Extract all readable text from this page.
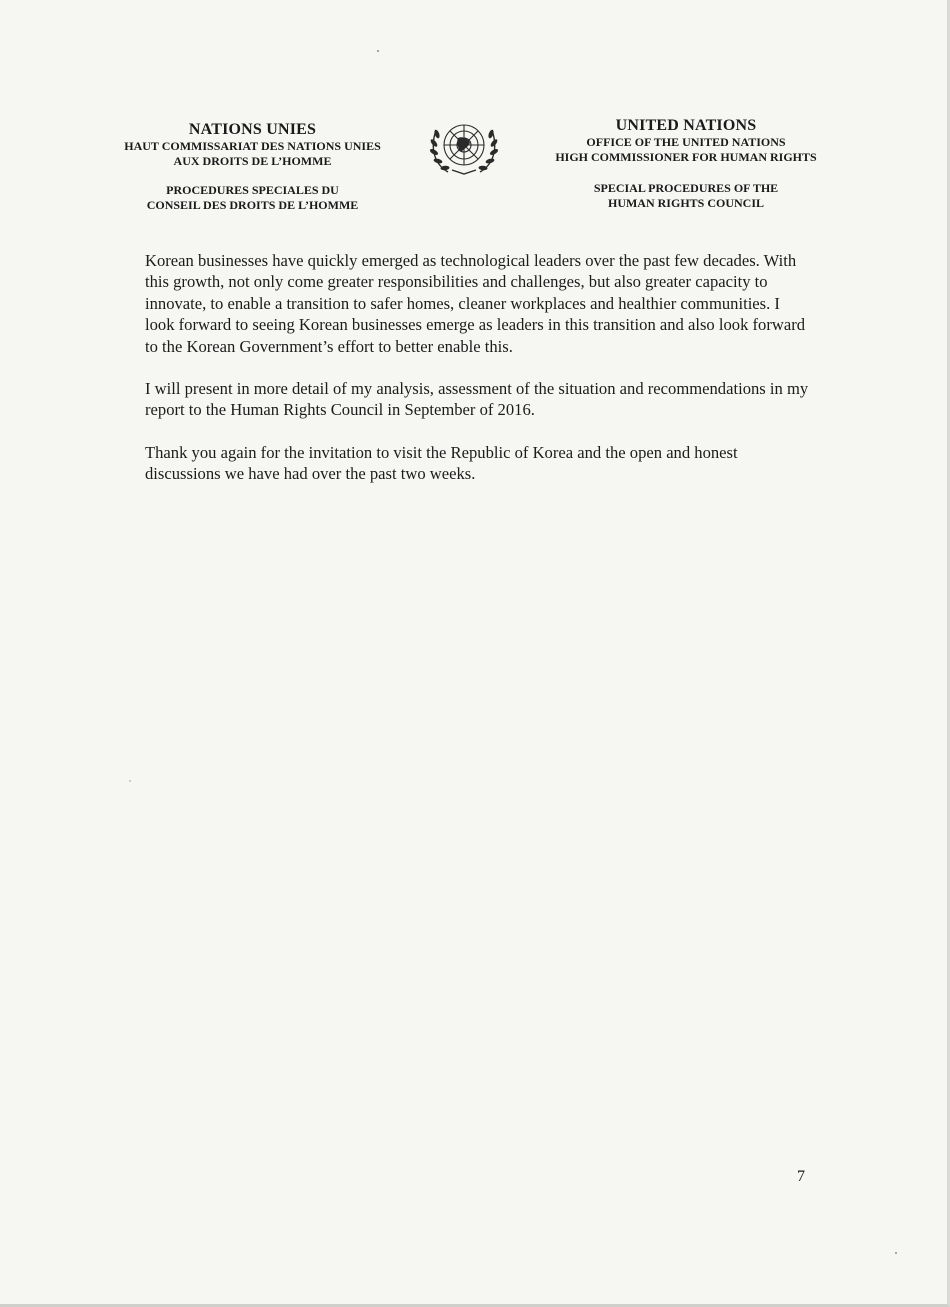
NATIONS UNIES
HAUT COMMISSARIAT DES NATIONS UNIES
AUX DROITS DE L’HOMME
PROCEDURES SPECIALES DU
CONSEIL DES DROITS DE L’HOMME
UNITED NATIONS
OFFICE OF THE UNITED NATIONS
HIGH COMMISSIONER FOR HUMAN RIGHTS
SPECIAL PROCEDURES OF THE
HUMAN RIGHTS COUNCIL

Korean businesses have quickly emerged as technological leaders over the past few decades. With this growth, not only come greater responsibilities and challenges, but also greater capacity to innovate, to enable a transition to safer homes, cleaner workplaces and healthier communities. I look forward to seeing Korean businesses emerge as leaders in this transition and also look forward to the Korean Government’s effort to better enable this.

I will present in more detail of my analysis, assessment of the situation and recommendations in my report to the Human Rights Council in September of 2016.

Thank you again for the invitation to visit the Republic of Korea and the open and honest discussions we have had over the past two weeks.

7
